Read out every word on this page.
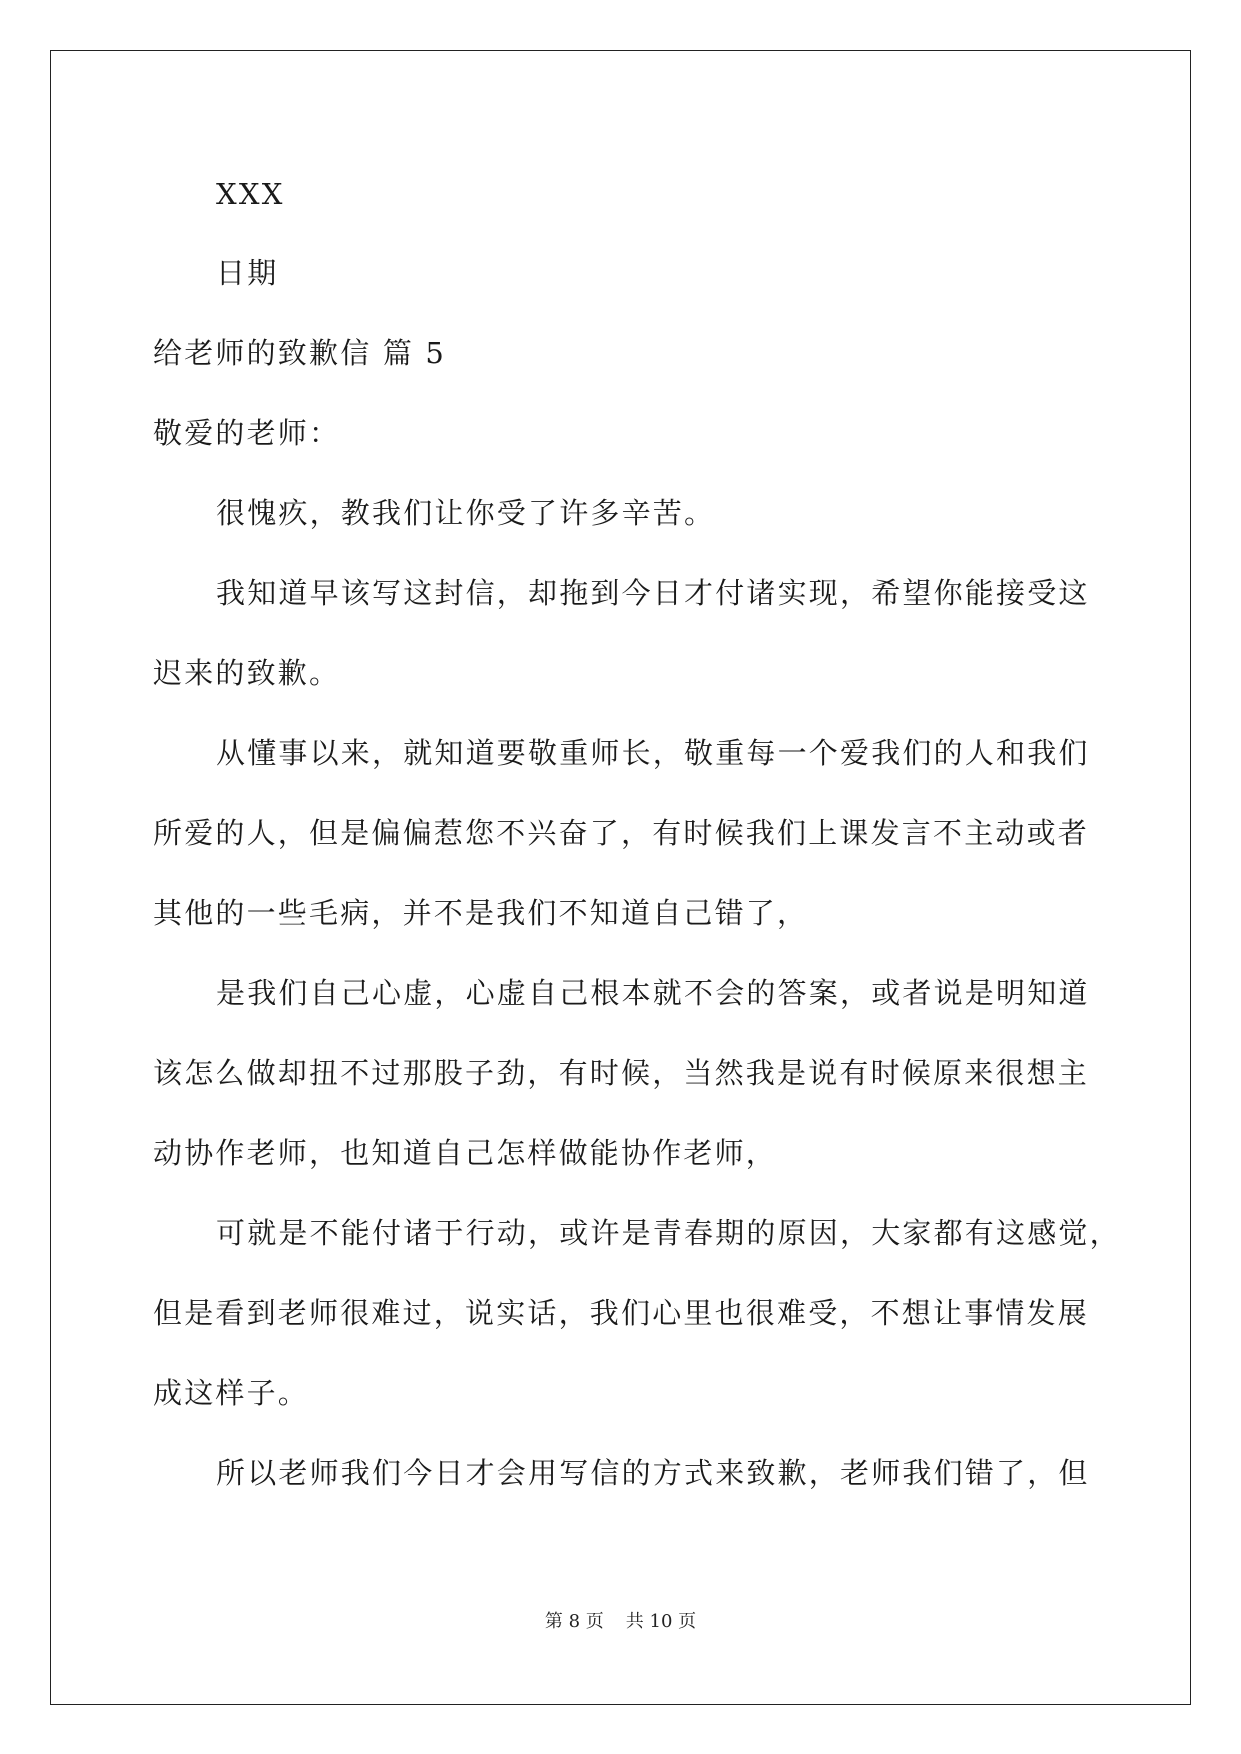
XXX
日期
给老师的致歉信 篇 5
敬爱的老师：
很愧疚，教我们让你受了许多辛苦。
我知道早该写这封信，却拖到今日才付诸实现，希望你能接受这
迟来的致歉。
从懂事以来，就知道要敬重师长，敬重每一个爱我们的人和我们
所爱的人，但是偏偏惹您不兴奋了，有时候我们上课发言不主动或者
其他的一些毛病，并不是我们不知道自己错了，
是我们自己心虚，心虚自己根本就不会的答案，或者说是明知道
该怎么做却扭不过那股子劲，有时候，当然我是说有时候原来很想主
动协作老师，也知道自己怎样做能协作老师，
可就是不能付诸于行动，或许是青春期的原因，大家都有这感觉，
但是看到老师很难过，说实话，我们心里也很难受，不想让事情发展
成这样子。
所以老师我们今日才会用写信的方式来致歉，老师我们错了，但
第 8 页 共 10 页
